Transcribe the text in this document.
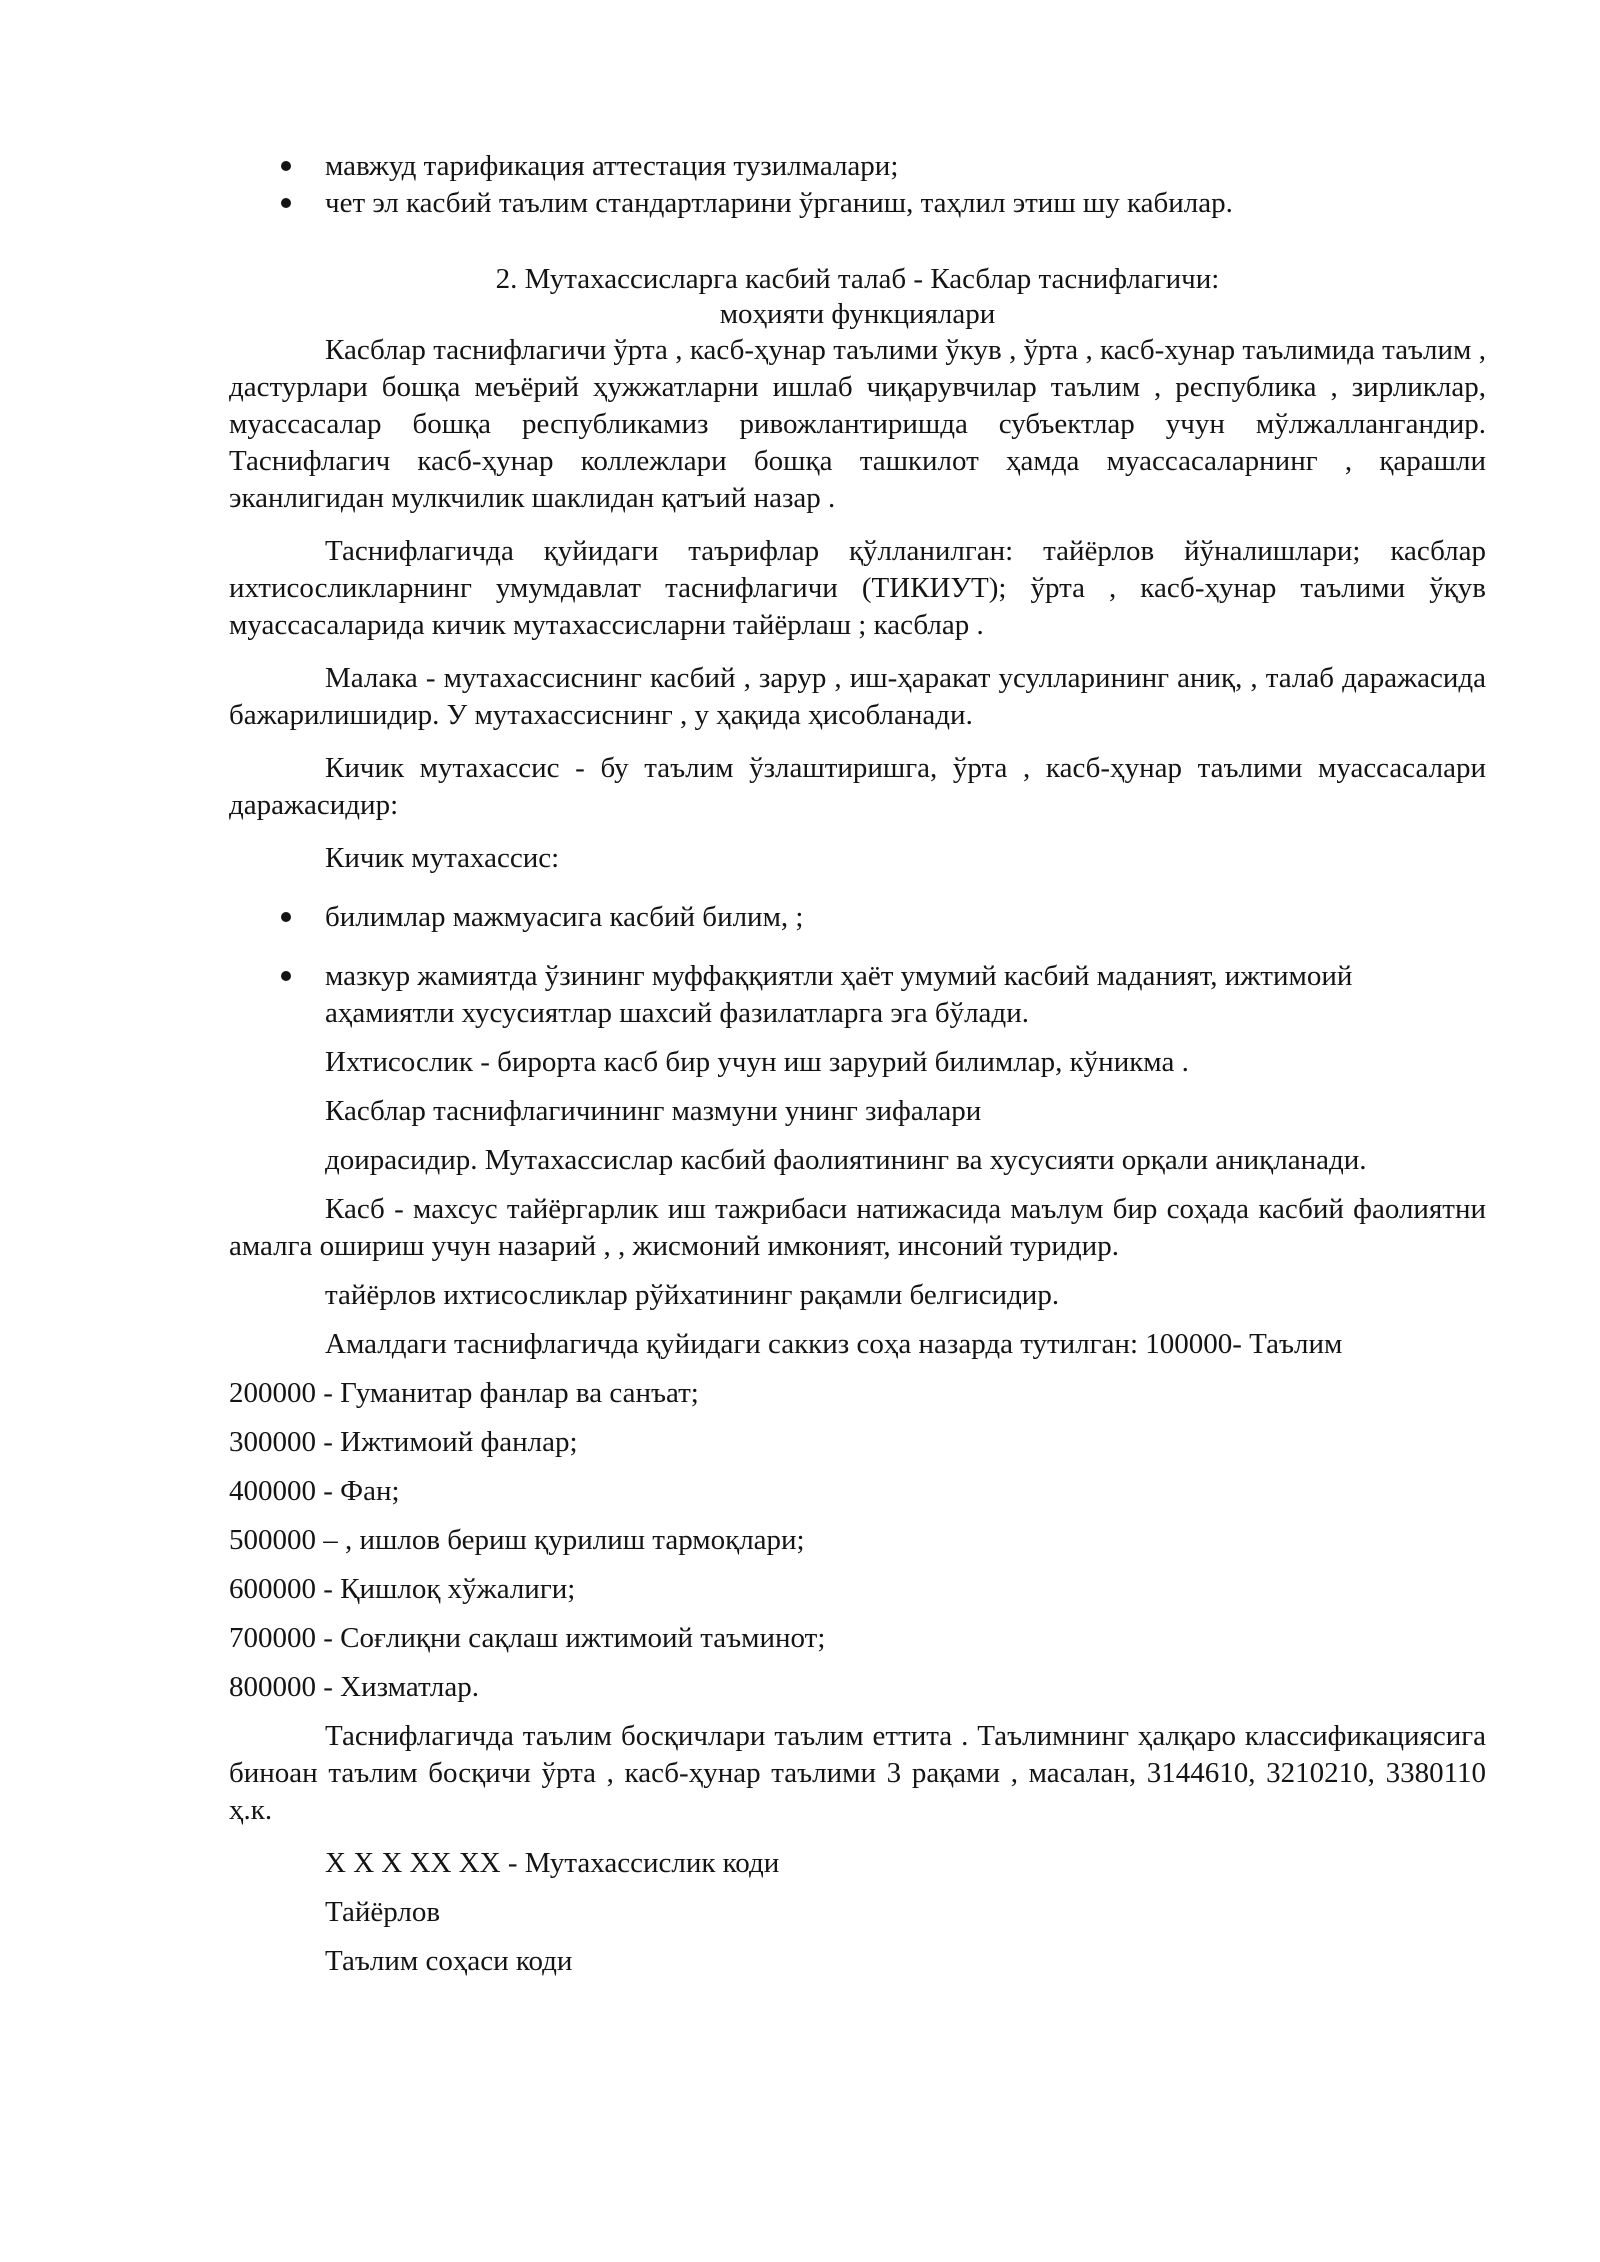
мавжуд тарификация аттестация тузилмалари;
чет эл касбий таълим стандартларини ўрганиш, таҳлил этиш шу кабилар.
2. Мутахассисларга касбий талаб - Касблар таснифлагичи:
моҳияти функциялари

Касблар таснифлагичи ўрта , касб-ҳунар таълими ўкув , ўрта , касб-хунар таълимида таълим , дастурлари бошқа меъёрий ҳужжатларни ишлаб чиқарувчилар таълим , республика , зирликлар, муассасалар бошқа республикамиз ривожлантиришда субъектлар учун мўлжаллангандир. Таснифлагич касб-ҳунар коллежлари бошқа ташкилот ҳамда муассасаларнинг , қарашли эканлигидан мулкчилик шаклидан қатъий назар .

Таснифлагичда қуйидаги таърифлар қўлланилган: тайёрлов йўналишлари; касблар ихтисосликларнинг умумдавлат таснифлагичи (ТИКИУТ); ўрта , касб-ҳунар таълими ўқув муассасаларида кичик мутахассисларни тайёрлаш ; касблар .

Малака - мутахассиснинг касбий , зарур , иш-ҳаракат усулларининг аниқ, , талаб даражасида бажарилишидир. У мутахассиснинг , у ҳақида ҳисобланади.

Кичик мутахассис - бу таълим ўзлаштиришга, ўрта , касб-ҳунар таълими муассасалари даражасидир:

Кичик мутахассис:

билимлар мажмуасига касбий билим, ;
мазкур жамиятда ўзининг муффаққиятли ҳаёт умумий касбий маданият, ижтимоий аҳамиятли хусусиятлар шахсий фазилатларга эга бўлади.

Ихтисослик - бирорта касб бир учун иш зарурий билимлар, кўникма .

Касблар таснифлагичининг мазмуни унинг зифалари

доирасидир. Мутахассислар касбий фаолиятининг ва хусусияти орқали аниқланади.

Касб - махсус тайёргарлик иш тажрибаси натижасида маълум бир соҳада касбий фаолиятни амалга ошириш учун назарий , , жисмоний имконият, инсоний туридир.

тайёрлов ихтисосликлар рўйхатининг рақамли белгисидир.

Амалдаги таснифлагичда қуйидаги саккиз соҳа назарда тутилган: 100000- Таълим

200000 - Гуманитар фанлар ва санъат;

300000 - Ижтимоий фанлар;

400000 - Фан;

500000 – , ишлов бериш қурилиш тармоқлари;

600000 - Қишлоқ хўжалиги;

700000 - Соғлиқни сақлаш ижтимоий таъминот;

800000 - Хизматлар.

Таснифлагичда таълим босқичлари таълим еттита . Таълимнинг ҳалқаро классификациясига биноан таълим босқичи ўрта , касб-ҳунар таълими 3 рақами , масалан, 3144610, 3210210, 3380110 ҳ.к.

X X X XX XX - Мутахассислик коди

Тайёрлов

Таълим соҳаси коди
